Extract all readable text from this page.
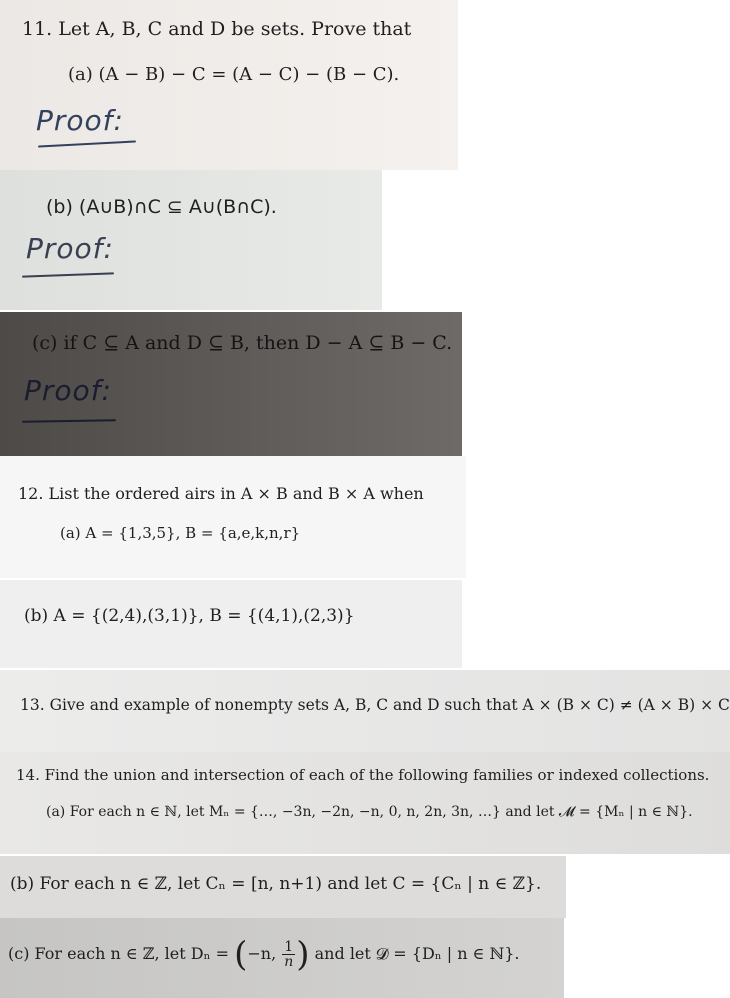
11. Let A, B, C and D be sets. Prove that
(a) (A − B) − C = (A − C) − (B − C).
Proof:
(b) (A∪B)∩C ⊆ A∪(B∩C).
Proof:
(c) if C ⊆ A and D ⊆ B, then D − A ⊆ B − C.
Proof:
12. List the ordered airs in A × B and B × A when
(a) A = {1,3,5}, B = {a,e,k,n,r}
(b) A = {(2,4),(3,1)}, B = {(4,1),(2,3)}
13. Give and example of nonempty sets A, B, C and D such that A × (B × C) ≠ (A × B) × C
14. Find the union and intersection of each of the following families or indexed collections.
(a) For each n ∈ ℕ, let Mₙ = {…, −3n, −2n, −n, 0, n, 2n, 3n, …} and let 𝓜 = {Mₙ | n ∈ ℕ}.
(b) For each n ∈ ℤ, let Cₙ = [n, n+1) and let C = {Cₙ | n ∈ ℤ}.
(c) For each n ∈ ℤ, let Dₙ = (−n, $\frac{1}{n}$ ) and let 𝓓 = {Dₙ | n ∈ ℕ}.
